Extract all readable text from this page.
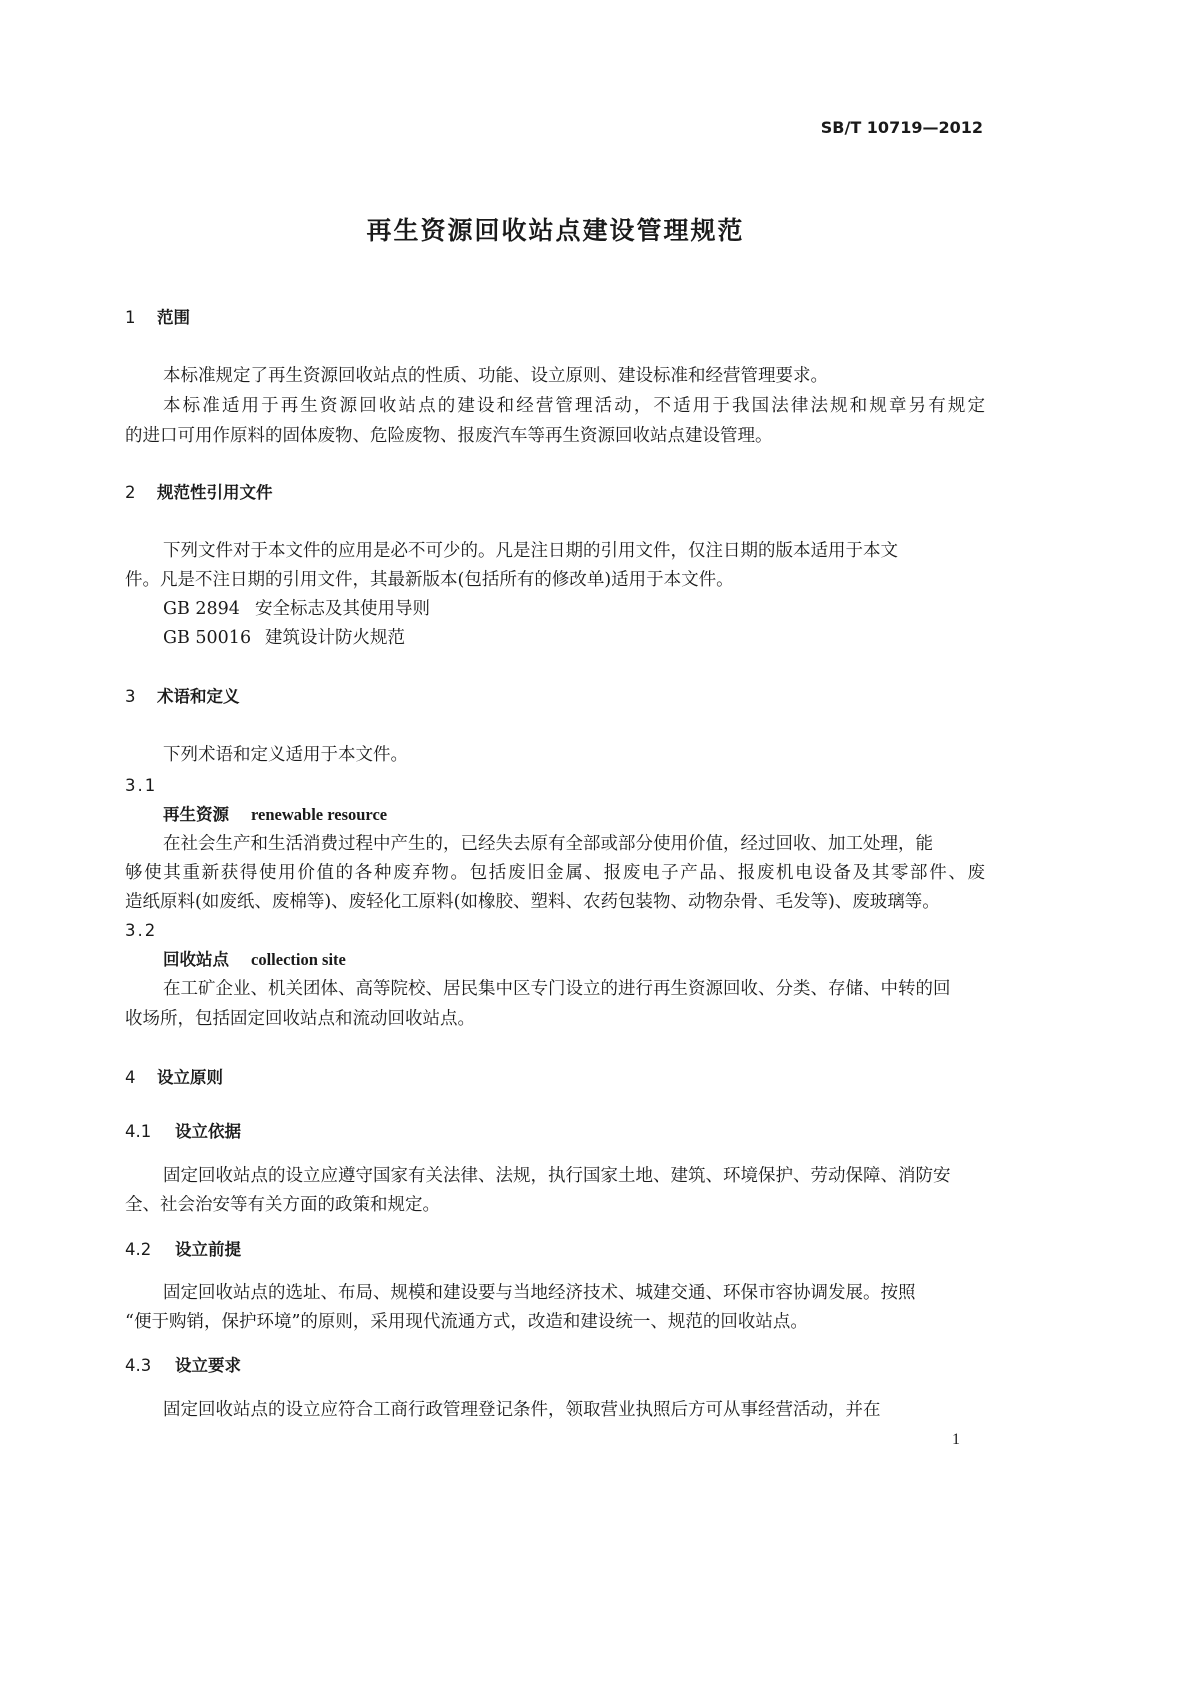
SB/T 10719—2012
再生资源回收站点建设管理规范
1 范围
本标准规定了再生资源回收站点的性质、功能、设立原则、建设标准和经营管理要求。
本标准适用于再生资源回收站点的建设和经营管理活动，不适用于我国法律法规和规章另有规定
的进口可用作原料的固体废物、危险废物、报废汽车等再生资源回收站点建设管理。
2 规范性引用文件
下列文件对于本文件的应用是必不可少的。凡是注日期的引用文件，仅注日期的版本适用于本文
件。凡是不注日期的引用文件，其最新版本(包括所有的修改单)适用于本文件。
GB 2894 安全标志及其使用导则
GB 50016 建筑设计防火规范
3 术语和定义
下列术语和定义适用于本文件。
3.1
再生资源 renewable resource
在社会生产和生活消费过程中产生的，已经失去原有全部或部分使用价值，经过回收、加工处理，能
够使其重新获得使用价值的各种废弃物。包括废旧金属、报废电子产品、报废机电设备及其零部件、废
造纸原料(如废纸、废棉等)、废轻化工原料(如橡胶、塑料、农药包装物、动物杂骨、毛发等)、废玻璃等。
3.2
回收站点 collection site
在工矿企业、机关团体、高等院校、居民集中区专门设立的进行再生资源回收、分类、存储、中转的回
收场所，包括固定回收站点和流动回收站点。
4 设立原则
4.1 设立依据
固定回收站点的设立应遵守国家有关法律、法规，执行国家土地、建筑、环境保护、劳动保障、消防安
全、社会治安等有关方面的政策和规定。
4.2 设立前提
固定回收站点的选址、布局、规模和建设要与当地经济技术、城建交通、环保市容协调发展。按照
“便于购销，保护环境”的原则，采用现代流通方式，改造和建设统一、规范的回收站点。
4.3 设立要求
固定回收站点的设立应符合工商行政管理登记条件，领取营业执照后方可从事经营活动，并在
1
